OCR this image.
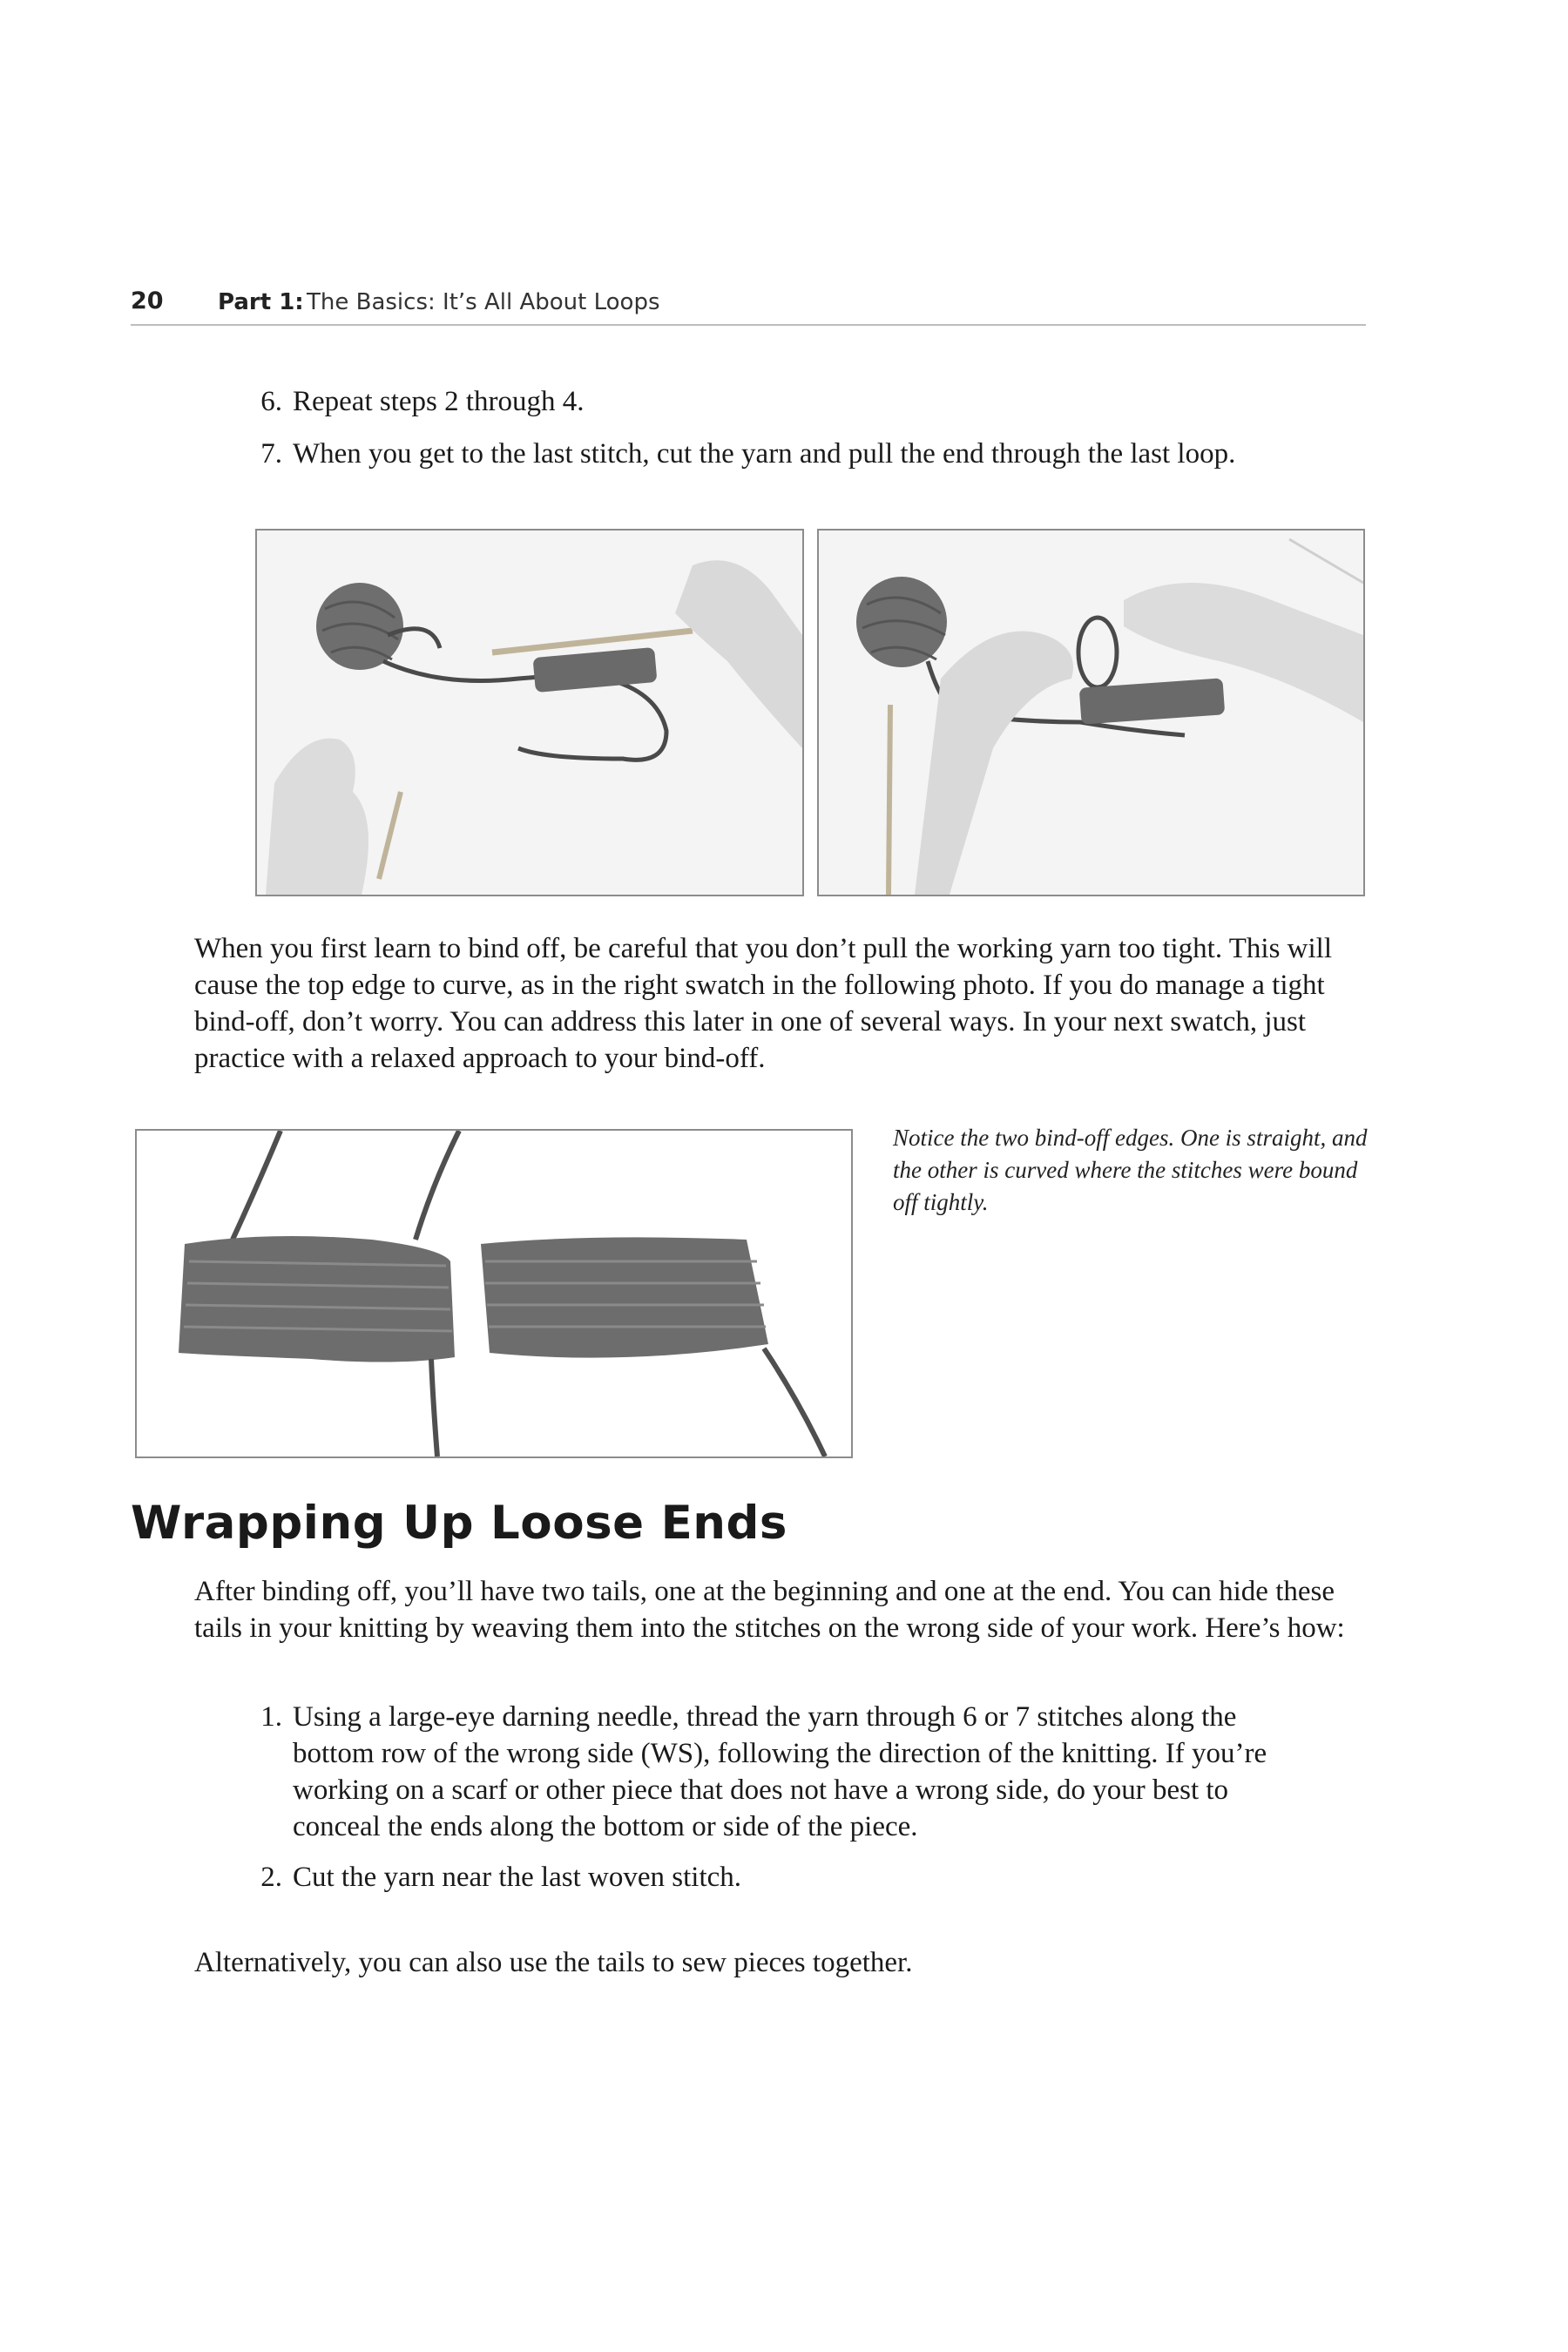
20 Part 1: The Basics: It’s All About Loops
6. Repeat steps 2 through 4.
7. When you get to the last stitch, cut the yarn and pull the end through the last loop.
When you first learn to bind off, be careful that you don’t pull the working yarn too tight. This will cause the top edge to curve, as in the right swatch in the following photo. If you do manage a tight bind-off, don’t worry. You can address this later in one of several ways. In your next swatch, just practice with a relaxed approach to your bind-off.
Notice the two bind-off edges. One is straight, and the other is curved where the stitches were bound off tightly.
Wrapping Up Loose Ends
After binding off, you’ll have two tails, one at the beginning and one at the end. You can hide these tails in your knitting by weaving them into the stitches on the wrong side of your work. Here’s how:
1. Using a large-eye darning needle, thread the yarn through 6 or 7 stitches along the bottom row of the wrong side (WS), following the direction of the knitting. If you’re working on a scarf or other piece that does not have a wrong side, do your best to conceal the ends along the bottom or side of the piece.
2. Cut the yarn near the last woven stitch.
Alternatively, you can also use the tails to sew pieces together.
